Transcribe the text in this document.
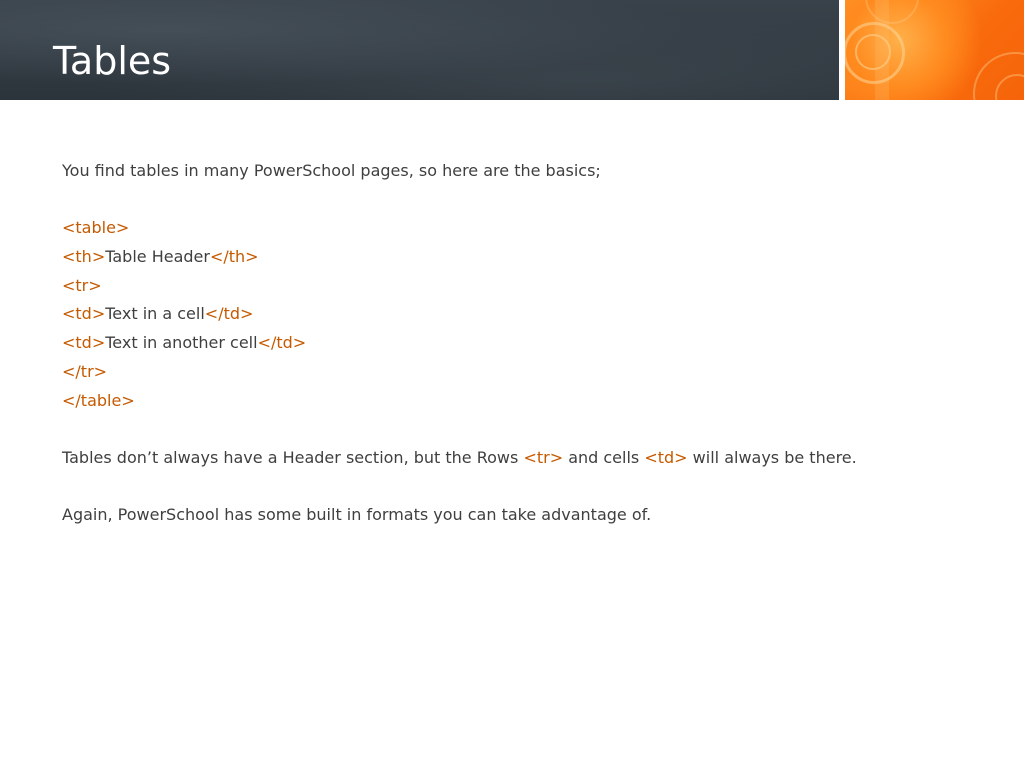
Tables
You find tables in many PowerSchool pages, so here are the basics;
<table>
<th>Table Header</th>
<tr>
<td>Text in a cell</td>
<td>Text in another cell</td>
</tr>
</table>
Tables don’t always have a Header section, but the Rows <tr> and cells <td> will always be there.
Again, PowerSchool has some built in formats you can take advantage of.
